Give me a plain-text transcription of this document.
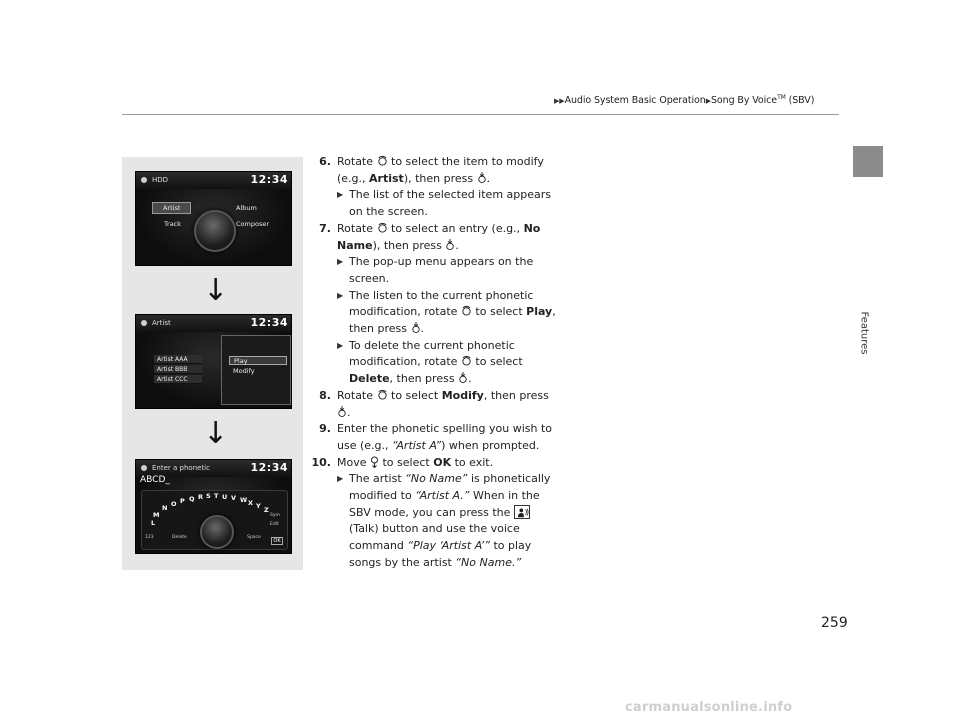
▶▶Audio System Basic Operation▶Song By Voice™ (SBV)
Features
HDD	12:34
Artist	Album
Track	Composer
↓
Artist	12:34
Artist AAA
Artist BBB
Artist CCC
Play
Modify
↓
Enter a phonetic	12:34
ABCD_
L
M
N O P Q R S T U V W X Y Z
123	Delete	Space
Sym
Edit
OK
6. Rotate  to select the item to modify (e.g., Artist), then press .
▶ The list of the selected item appears on the screen.
7. Rotate  to select an entry (e.g., No Name), then press .
▶ The pop-up menu appears on the screen.
▶ The listen to the current phonetic modification, rotate  to select Play, then press .
▶ To delete the current phonetic modification, rotate  to select Delete, then press .
8. Rotate  to select Modify, then press
.
9. Enter the phonetic spelling you wish to use (e.g., “Artist A”) when prompted.
10. Move  to select OK to exit.
▶ The artist “No Name” is phonetically modified to “Artist A.” When in the SBV mode, you can press the
(Talk) button and use the voice command “Play ‘Artist A’” to play songs by the artist “No Name.”
259
carmanualsonline.info
